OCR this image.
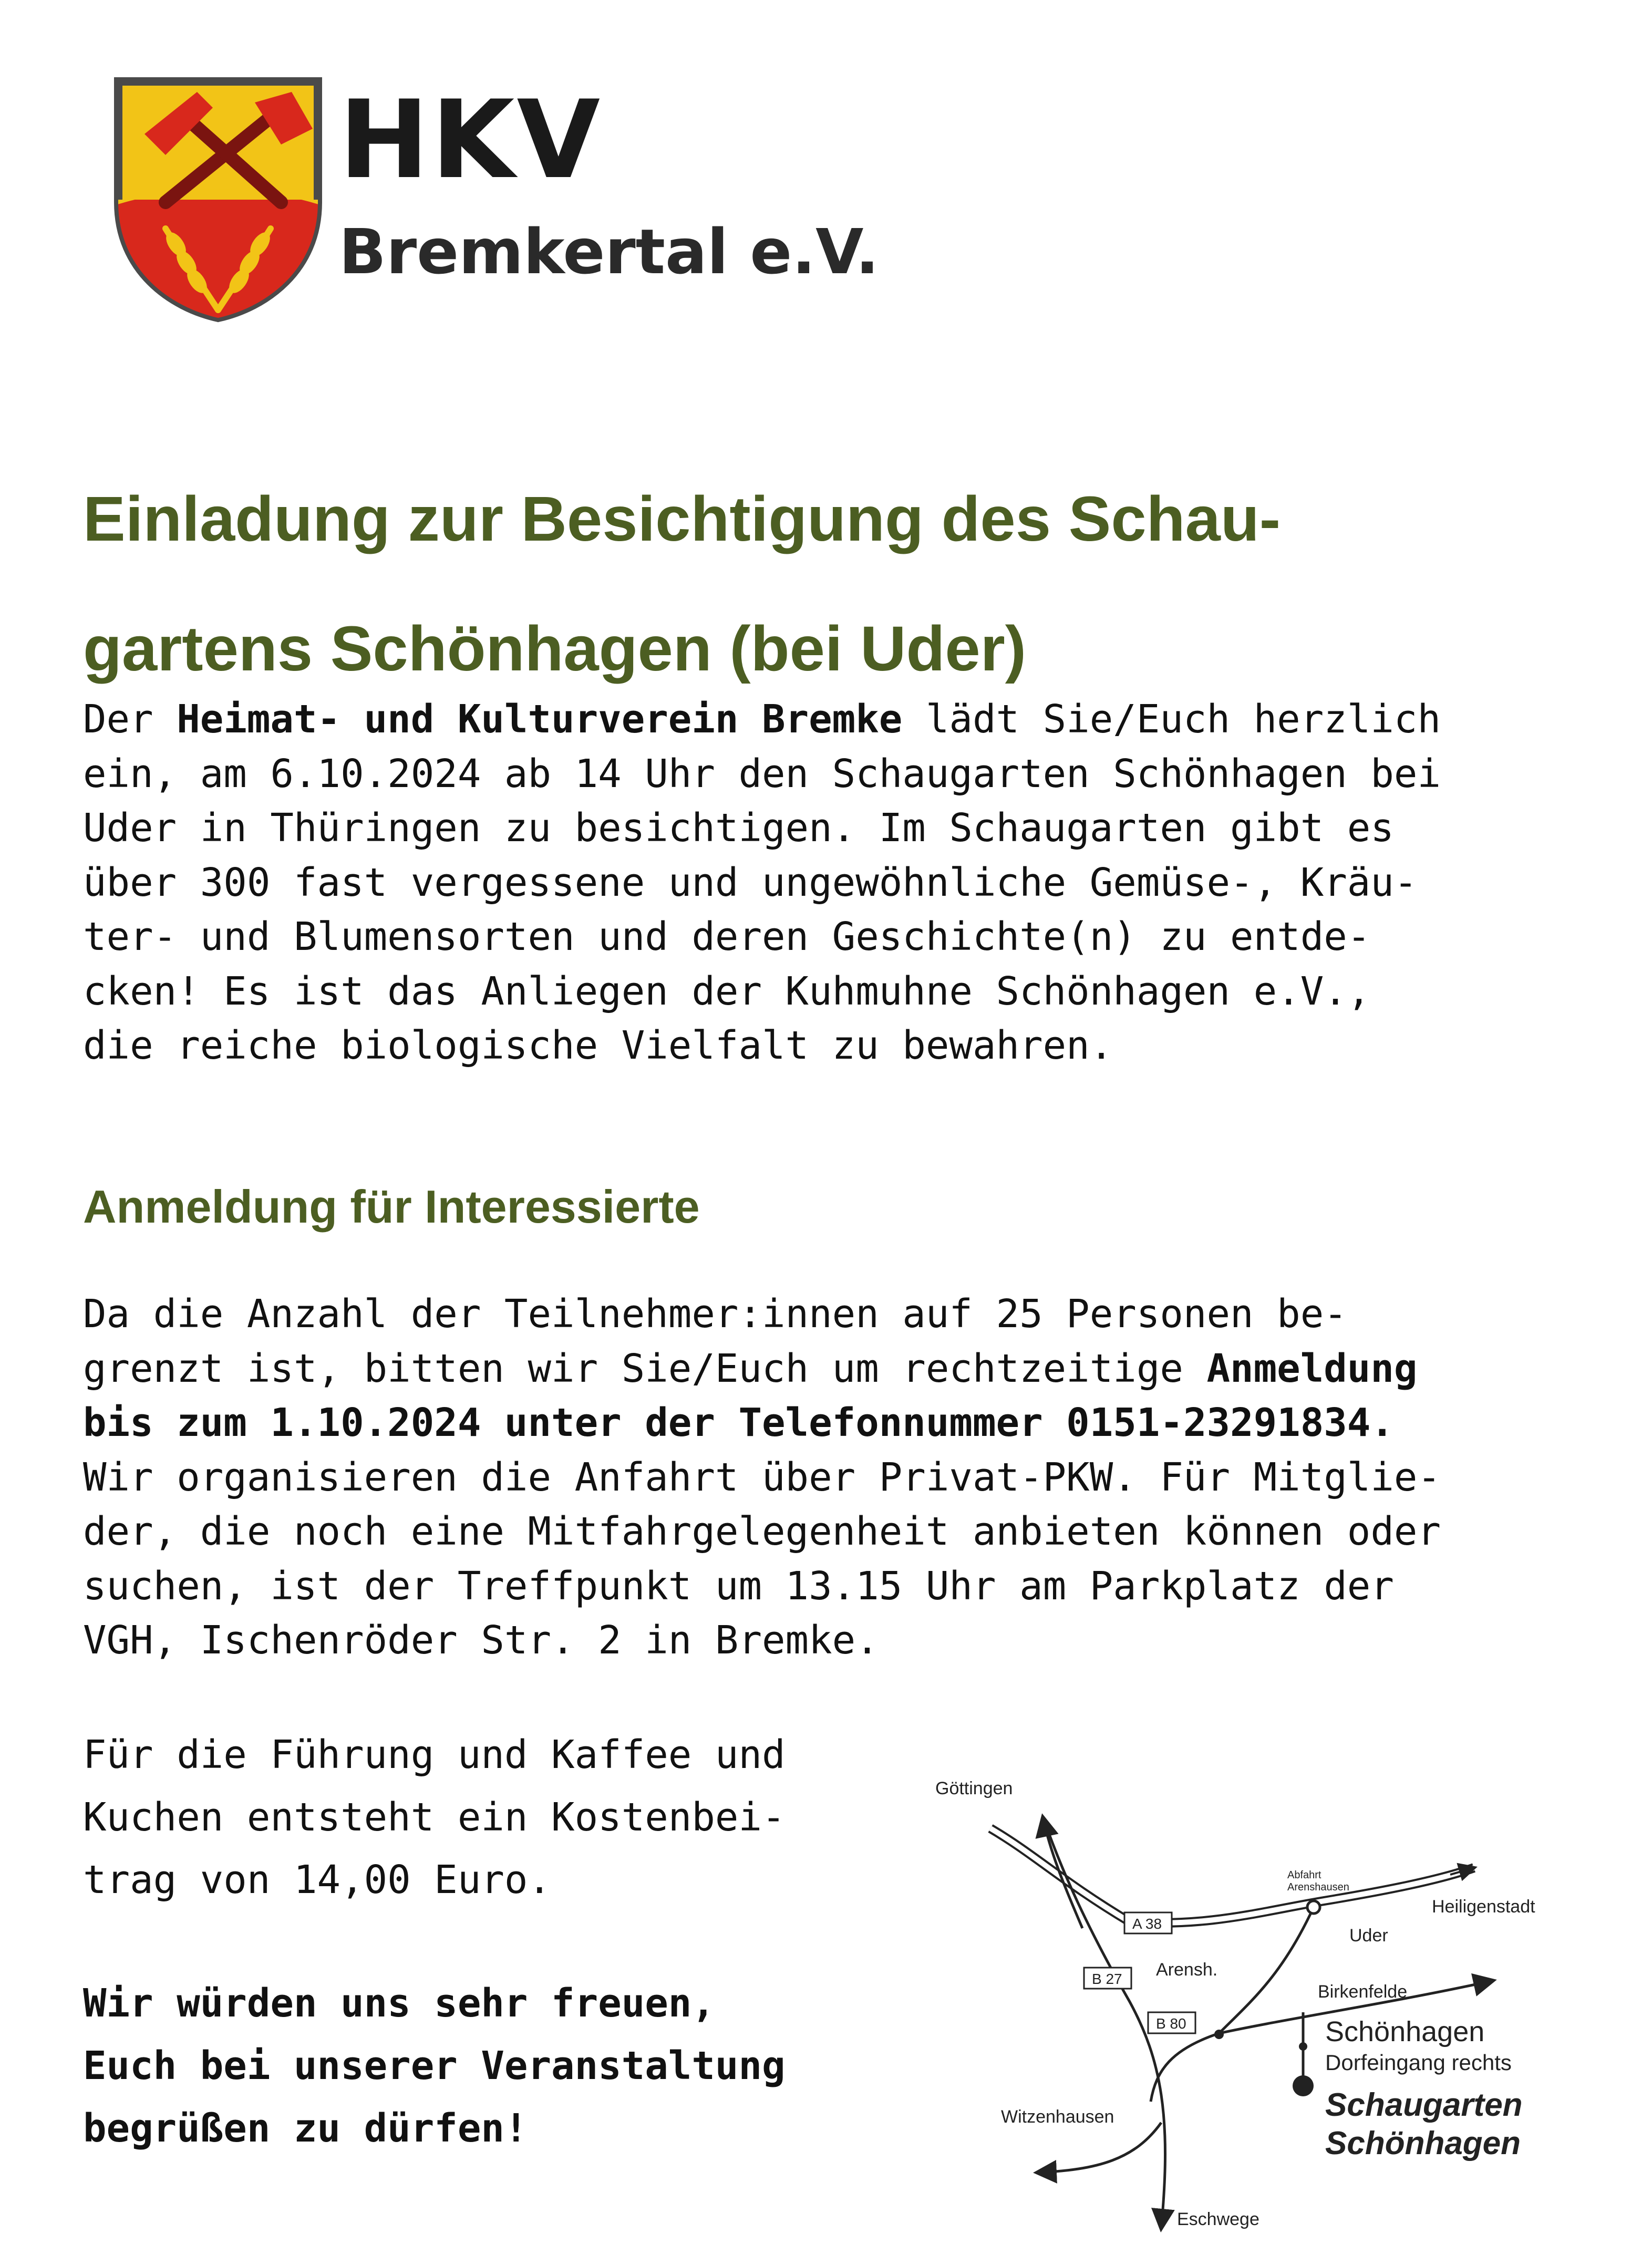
HKV
Bremkertal e.V.
Einladung zur Besichtigung des Schau-
gartens Schönhagen (bei Uder)
Der Heimat- und Kulturverein Bremke lädt Sie/Euch herzlich
ein, am 6.10.2024 ab 14 Uhr den Schaugarten Schönhagen bei
Uder in Thüringen zu besichtigen. Im Schaugarten gibt es
über 300 fast vergessene und ungewöhnliche Gemüse-, Kräu-
ter- und Blumensorten und deren Geschichte(n) zu entde-
cken! Es ist das Anliegen der Kuhmuhne Schönhagen e.V.,
die reiche biologische Vielfalt zu bewahren.
Anmeldung für Interessierte
Da die Anzahl der Teilnehmer:innen auf 25 Personen be-
grenzt ist, bitten wir Sie/Euch um rechtzeitige Anmeldung
bis zum 1.10.2024 unter der Telefonnummer 0151-23291834.
Wir organisieren die Anfahrt über Privat-PKW. Für Mitglie-
der, die noch eine Mitfahrgelegenheit anbieten können oder
suchen, ist der Treffpunkt um 13.15 Uhr am Parkplatz der
VGH, Ischenröder Str. 2 in Bremke.
Für die Führung und Kaffee und
Kuchen entsteht ein Kostenbei-
trag von 14,00 Euro.
Wir würden uns sehr freuen,
Euch bei unserer Veranstaltung
begrüßen zu dürfen!
Göttingen
Abfahrt
Arenshausen
Heiligenstadt
A 38
Uder
B 27 Arensh.
Birkenfelde
B 80	Schönhagen
Dorfeingang rechts
Schaugarten
Schönhagen
Witzenhausen
Eschwege
